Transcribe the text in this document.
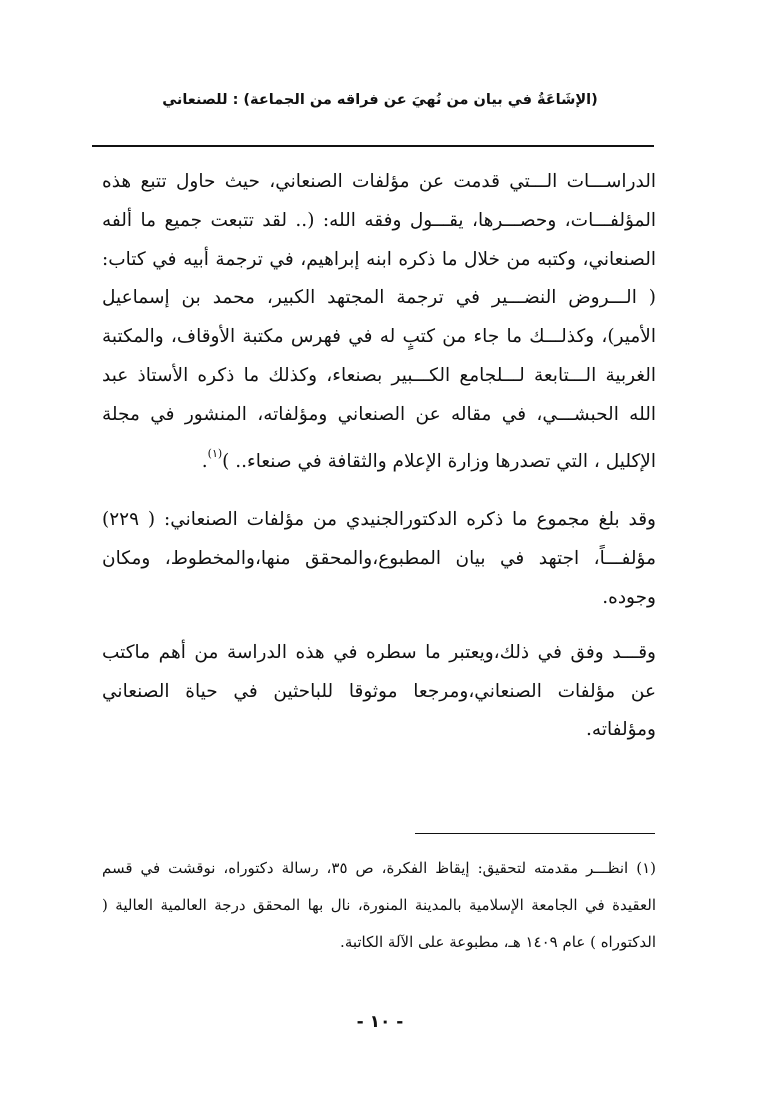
(الإشَاعَةُ في بيان من نُهيَ عن فراقه من الجماعة) : للصنعاني

الدراســـات الـــتي قدمت عن مؤلفات الصنعاني، حيث حاول تتبع هذه المؤلفـــات، وحصـــرها، يقـــول وفقه الله: (.. لقد تتبعت جميع ما ألفه الصنعاني، وكتبه من خلال ما ذكره ابنه إبراهيم، في ترجمة أبيه في كتاب: ( الـــروض النضـــير في ترجمة المجتهد الكبير، محمد بن إسماعيل الأمير)، وكذلـــك ما جاء من كتبٍ له في فهرس مكتبة الأوقاف، والمكتبة الغربية الـــتابعة لـــلجامع الكـــبير بصنعاء، وكذلك ما ذكره الأستاذ عبد الله الحبشـــي، في مقاله عن الصنعاني ومؤلفاته، المنشور في مجلة الإكليل ، التي تصدرها وزارة الإعلام والثقافة في صنعاء.. )$^{(١)}$.

وقد بلغ مجموع ما ذكره الدكتورالجنيدي من مؤلفات الصنعاني: ( ٢٢٩) مؤلفـــاً، اجتهد في بيان المطبوع،والمحقق منها،والمخطوط، ومكان وجوده.

وقـــد وفق في ذلك،ويعتبر ما سطره في هذه الدراسة من أهم ماكتب عن مؤلفات الصنعاني،ومرجعا موثوقا للباحثين في حياة الصنعاني ومؤلفاته.

(١) انظـــر مقدمته لتحقيق: إيقاظ الفكرة، ص ٣٥، رسالة دكتوراه، نوقشت في قسم العقيدة في الجامعة الإسلامية بالمدينة المنورة، نال بها المحقق درجة العالمية العالية ( الدكتوراه ) عام ١٤٠٩ هـ، مطبوعة على الآلة الكاتبة.

- ١٠ -
